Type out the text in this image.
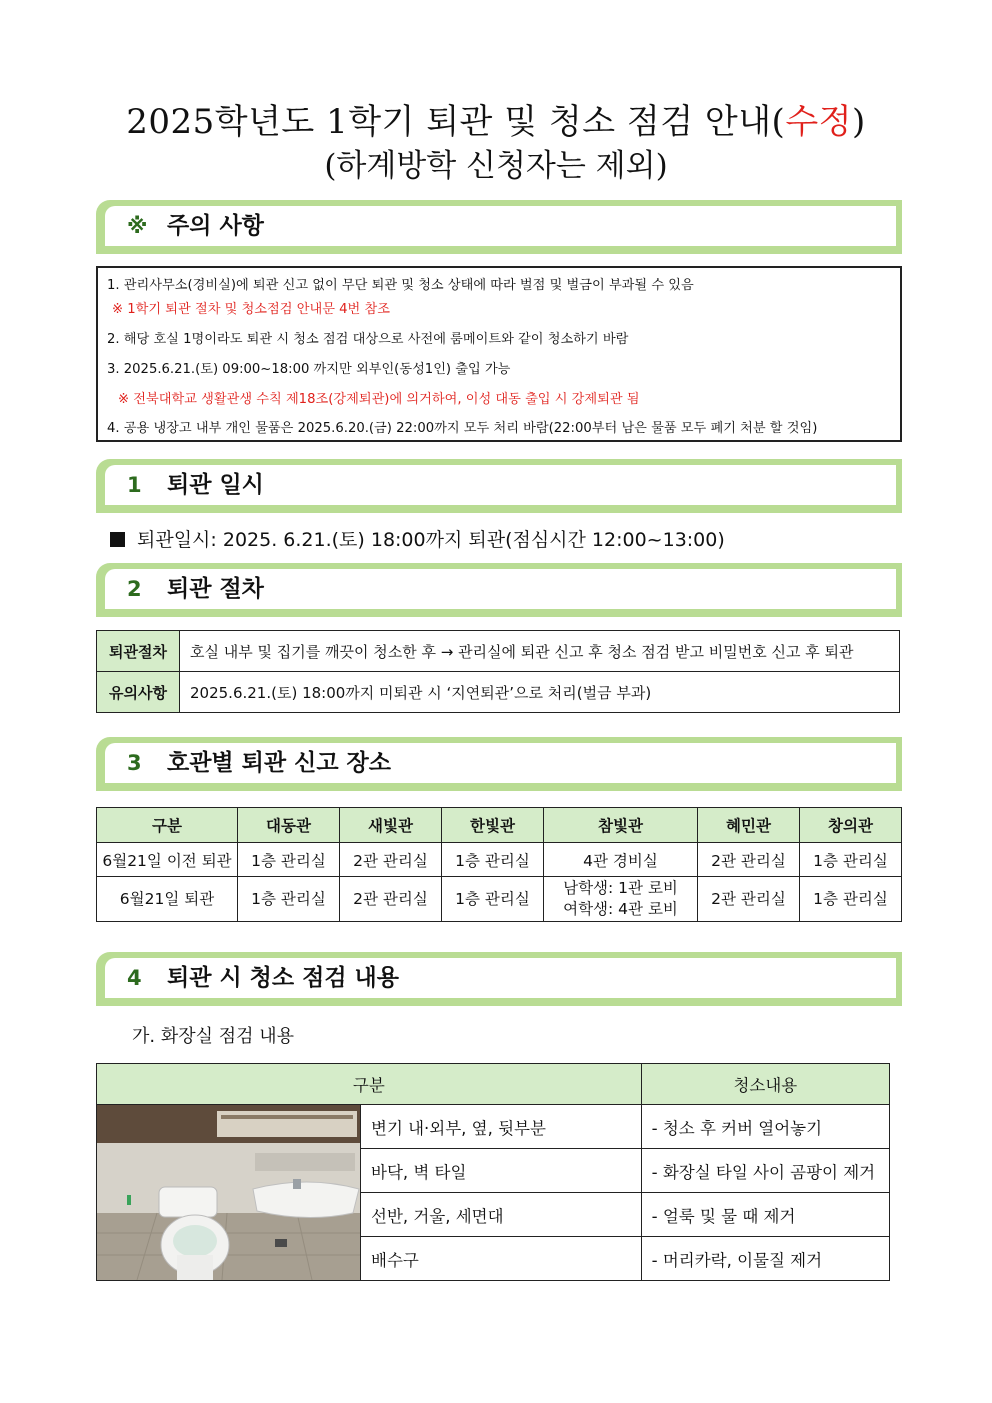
2025학년도 1학기 퇴관 및 청소 점검 안내(수정)
(하계방학 신청자는 제외)
※ 주의 사항
1. 관리사무소(경비실)에 퇴관 신고 없이 무단 퇴관 및 청소 상태에 따라 벌점 및 벌금이 부과될 수 있음
※ 1학기 퇴관 절차 및 청소점검 안내문 4번 참조
2. 해당 호실 1명이라도 퇴관 시 청소 점검 대상으로 사전에 룸메이트와 같이 청소하기 바람
3. 2025.6.21.(토) 09:00~18:00 까지만 외부인(동성1인) 출입 가능
※ 전북대학교 생활관생 수칙 제18조(강제퇴관)에 의거하여, 이성 대동 출입 시 강제퇴관 됨
4. 공용 냉장고 내부 개인 물품은 2025.6.20.(금) 22:00까지 모두 처리 바람(22:00부터 남은 물품 모두 폐기 처분 할 것임)
1 퇴관 일시
퇴관일시: 2025. 6.21.(토) 18:00까지 퇴관(점심시간 12:00~13:00)
2 퇴관 절차
퇴관절차	호실 내부 및 집기를 깨끗이 청소한 후 → 관리실에 퇴관 신고 후 청소 점검 받고 비밀번호 신고 후 퇴관
유의사항	2025.6.21.(토) 18:00까지 미퇴관 시 ‘지연퇴관’으로 처리(벌금 부과)
3 호관별 퇴관 신고 장소
구분	대동관	새빛관	한빛관	참빛관	혜민관	창의관
6월21일 이전 퇴관	1층 관리실	2관 관리실	1층 관리실	4관 경비실	2관 관리실	1층 관리실
6월21일 퇴관	1층 관리실	2관 관리실	1층 관리실	남학생: 1관 로비
여학생: 4관 로비	2관 관리실	1층 관리실
4 퇴관 시 청소 점검 내용
가. 화장실 점검 내용
구분		청소내용

	변기 내·외부, 옆, 뒷부분	- 청소 후 커버 열어놓기
	바닥, 벽 타일	- 화장실 타일 사이 곰팡이 제거
	선반, 거울, 세면대	- 얼룩 및 물 때 제거
	배수구	- 머리카락, 이물질 제거
